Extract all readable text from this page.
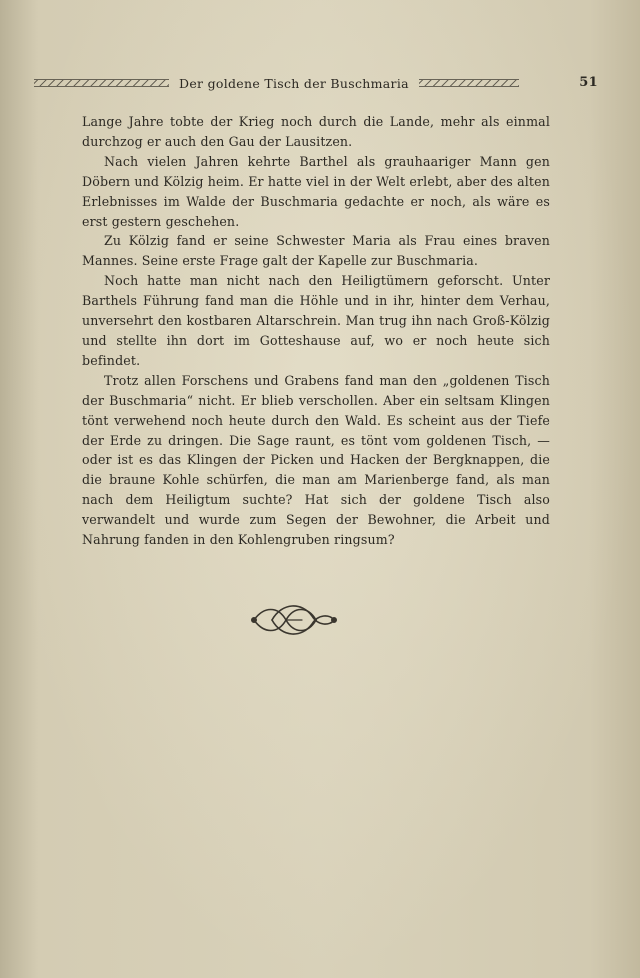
Der goldene Tisch der Buschmaria	51

Lange Jahre tobte der Krieg noch durch die Lande, mehr als einmal durchzog er auch den Gau der Lausitzen.

Nach vielen Jahren kehrte Barthel als grauhaariger Mann gen Döbern und Kölzig heim. Er hatte viel in der Welt erlebt, aber des alten Erlebnisses im Walde der Buschmaria gedachte er noch, als wäre es erst gestern geschehen.

Zu Kölzig fand er seine Schwester Maria als Frau eines braven Mannes. Seine erste Frage galt der Kapelle zur Buschmaria.

Noch hatte man nicht nach den Heiligtümern geforscht. Unter Barthels Führung fand man die Höhle und in ihr, hinter dem Verhau, unversehrt den kostbaren Altarschrein. Man trug ihn nach Groß-Kölzig und stellte ihn dort im Gotteshause auf, wo er noch heute sich befindet.

Trotz allen Forschens und Grabens fand man den „goldenen Tisch der Buschmaria“ nicht. Er blieb verschollen. Aber ein seltsam Klingen tönt verwehend noch heute durch den Wald. Es scheint aus der Tiefe der Erde zu dringen. Die Sage raunt, es tönt vom goldenen Tisch, — oder ist es das Klingen der Picken und Hacken der Bergknappen, die die braune Kohle schürfen, die man am Marienberge fand, als man nach dem Heiligtum suchte? Hat sich der goldene Tisch also verwandelt und wurde zum Segen der Bewohner, die Arbeit und Nahrung fanden in den Kohlengruben ringsum?
